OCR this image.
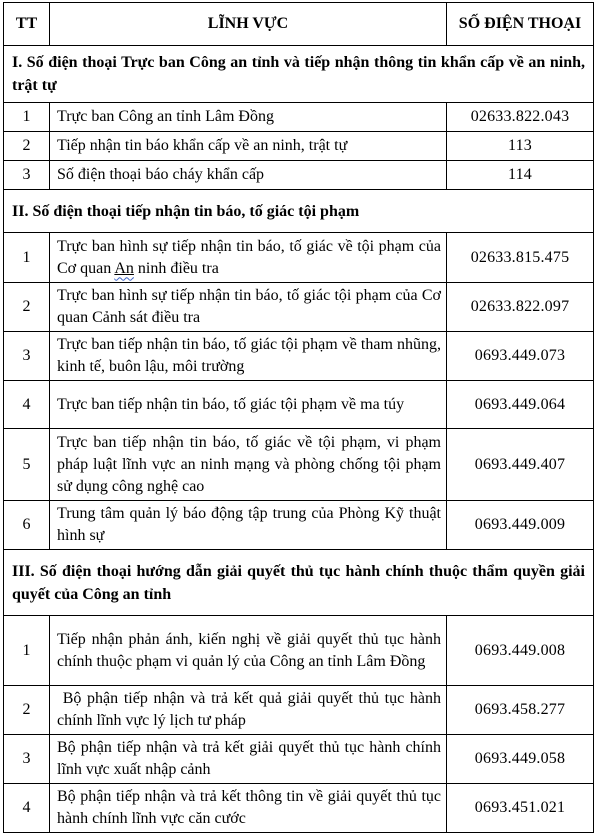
TT	LĨNH VỰC	SỐ ĐIỆN THOẠI
I. Số điện thoại Trực ban Công an tỉnh và tiếp nhận thông tin khẩn cấp về an ninh, trật tự		
1	Trực ban Công an tỉnh Lâm Đồng	02633.822.043
2	Tiếp nhận tin báo khẩn cấp về an ninh, trật tự	113
3	Số điện thoại báo cháy khẩn cấp	114
II. Số điện thoại tiếp nhận tin báo, tố giác tội phạm		
1	Trực ban hình sự tiếp nhận tin báo, tố giác về tội phạm của Cơ quan An ninh điều tra	02633.815.475
2	Trực ban hình sự tiếp nhận tin báo, tố giác tội phạm của Cơ quan Cảnh sát điều tra	02633.822.097
3	Trực ban tiếp nhận tin báo, tố giác tội phạm về tham nhũng, kinh tế, buôn lậu, môi trường	0693.449.073
4	Trực ban tiếp nhận tin báo, tố giác tội phạm về ma túy	0693.449.064
5	Trực ban tiếp nhận tin báo, tố giác về tội phạm, vi phạm pháp luật lĩnh vực an ninh mạng và phòng chống tội phạm sử dụng công nghệ cao	0693.449.407
6	Trung tâm quản lý báo động tập trung của Phòng Kỹ thuật hình sự	0693.449.009
III. Số điện thoại hướng dẫn giải quyết thủ tục hành chính thuộc thẩm quyền giải quyết của Công an tỉnh		
1	Tiếp nhận phản ánh, kiến nghị về giải quyết thủ tục hành chính thuộc phạm vi quản lý của Công an tỉnh Lâm Đồng	0693.449.008
2	Bộ phận tiếp nhận và trả kết quả giải quyết thủ tục hành chính lĩnh vực lý lịch tư pháp	0693.458.277
3	Bộ phận tiếp nhận và trả kết giải quyết thủ tục hành chính lĩnh vực xuất nhập cảnh	0693.449.058
4	Bộ phận tiếp nhận và trả kết thông tin về giải quyết thủ tục hành chính lĩnh vực căn cước	0693.451.021
